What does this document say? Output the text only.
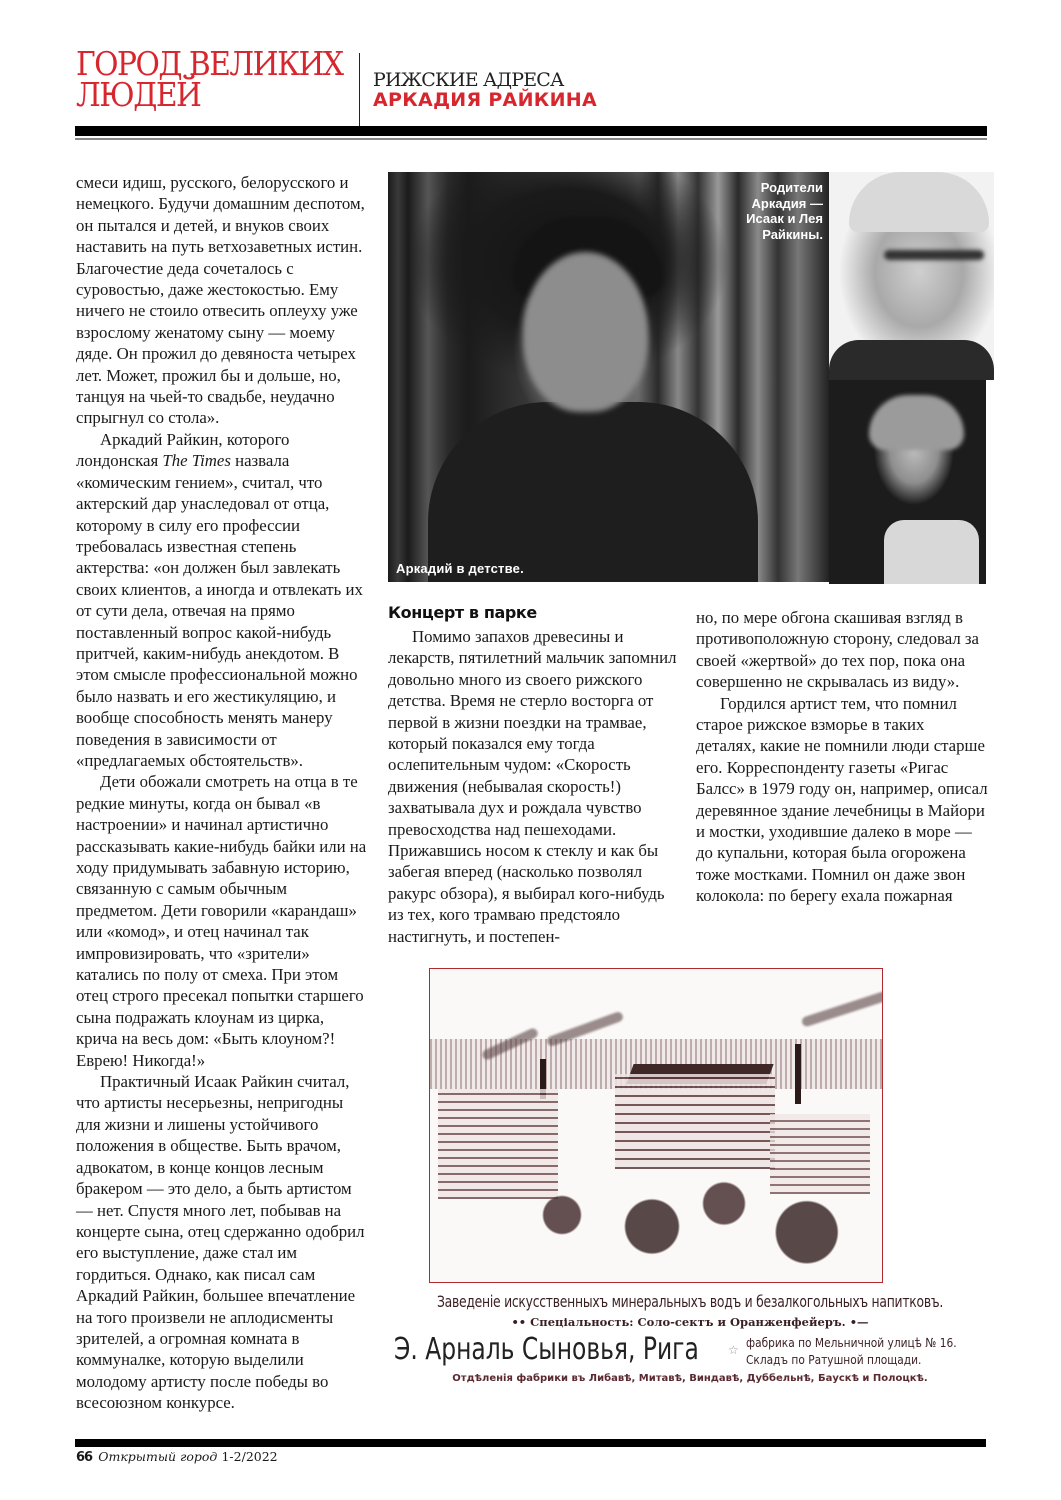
ГОРОД ВЕЛИКИХ
ЛЮДЕЙ	РИЖСКИЕ АДРЕСА
АРКАДИЯ РАЙКИНА

смеси идиш, русского, белорусского и немецкого. Будучи домашним деспотом, он пытался и детей, и внуков своих наставить на путь ветхозаветных истин. Благочестие деда сочеталось с суровостью, даже жестокостью. Ему ничего не стоило отвесить оплеуху уже взрослому женатому сыну — моему дяде. Он прожил до девяноста четырех лет. Может, прожил бы и дольше, но, танцуя на чьей-то свадьбе, неудачно спрыгнул со стола».

Аркадий Райкин, которого лондонская The Times назвала «комическим гением», считал, что актерский дар унаследовал от отца, которому в силу его профессии требовалась известная степень актерства: «он должен был завлекать своих клиентов, а иногда и отвлекать их от сути дела, отвечая на прямо поставленный вопрос какой-нибудь притчей, каким-нибудь анекдотом. В этом смысле профессиональной можно было назвать и его жестикуляцию, и вообще способность менять манеру поведения в зависимости от «предлагаемых обстоятельств».

Дети обожали смотреть на отца в те редкие минуты, когда он бывал «в настроении» и начинал артистично рассказывать какие-нибудь байки или на ходу придумывать забавную историю, связанную с самым обычным предметом. Дети говорили «карандаш» или «комод», и отец начинал так импровизировать, что «зрители» катались по полу от смеха. При этом отец строго пресекал попытки старшего сына подражать клоунам из цирка, крича на весь дом: «Быть клоуном?! Еврею! Никогда!»

Практичный Исаак Райкин считал, что артисты несерьезны, непригодны для жизни и лишены устойчивого положения в обществе. Быть врачом, адвокатом, в конце концов лесным бракером — это дело, а быть артистом — нет. Спустя много лет, побывав на концерте сына, отец сдержанно одобрил его выступление, даже стал им гордиться. Однако, как писал сам Аркадий Райкин, большее впечатление на того произвели не аплодисменты зрителей, а огромная комната в коммуналке, которую выделили молодому артисту после победы во всесоюзном конкурсе.

Родители
Аркадия —
Исаак и Лея
Райкины.
Аркадий в детстве.
Концерт в парке

Помимо запахов древесины и лекарств, пятилетний мальчик запомнил довольно много из своего рижского детства. Время не стерло восторга от первой в жизни поездки на трамвае, который показался ему тогда ослепительным чудом: «Скорость движения (небывалая скорость!) захватывала дух и рождала чувство превосходства над пешеходами. Прижавшись носом к стеклу и как бы забегая вперед (насколько позволял ракурс обзора), я выбирал кого-нибудь из тех, кого трамваю предстояло настигнуть, и постепен-

но, по мере обгона скашивая взгляд в противоположную сторону, следовал за своей «жертвой» до тех пор, пока она совершенно не скрывалась из виду».

Гордился артист тем, что помнил старое рижское взморье в таких деталях, какие не помнили люди старше его. Корреспонденту газеты «Ригас Балсс» в 1979 году он, например, описал деревянное здание лечебницы в Майори и мостки, уходившие далеко в море — до купальни, которая была огорожена тоже мостками. Помнил он даже звон колокола: по берегу ехала пожарная

Заведеніе искусственныхъ минеральныхъ водъ и безалкогольныхъ напитковъ.
•• Спеціальность: Соло-сектъ и Оранженфейеръ. •—
Э. Арналь Сыновья, Рига ☆ фабрика по Мельничной улицѣ № 16.
Складъ по Ратушной площади.
Отдѣленія фабрики въ Либавѣ, Митавѣ, Виндавѣ, Дуббельнѣ, Баускѣ и Полоцкѣ.
66 Открытый город 1-2/2022
